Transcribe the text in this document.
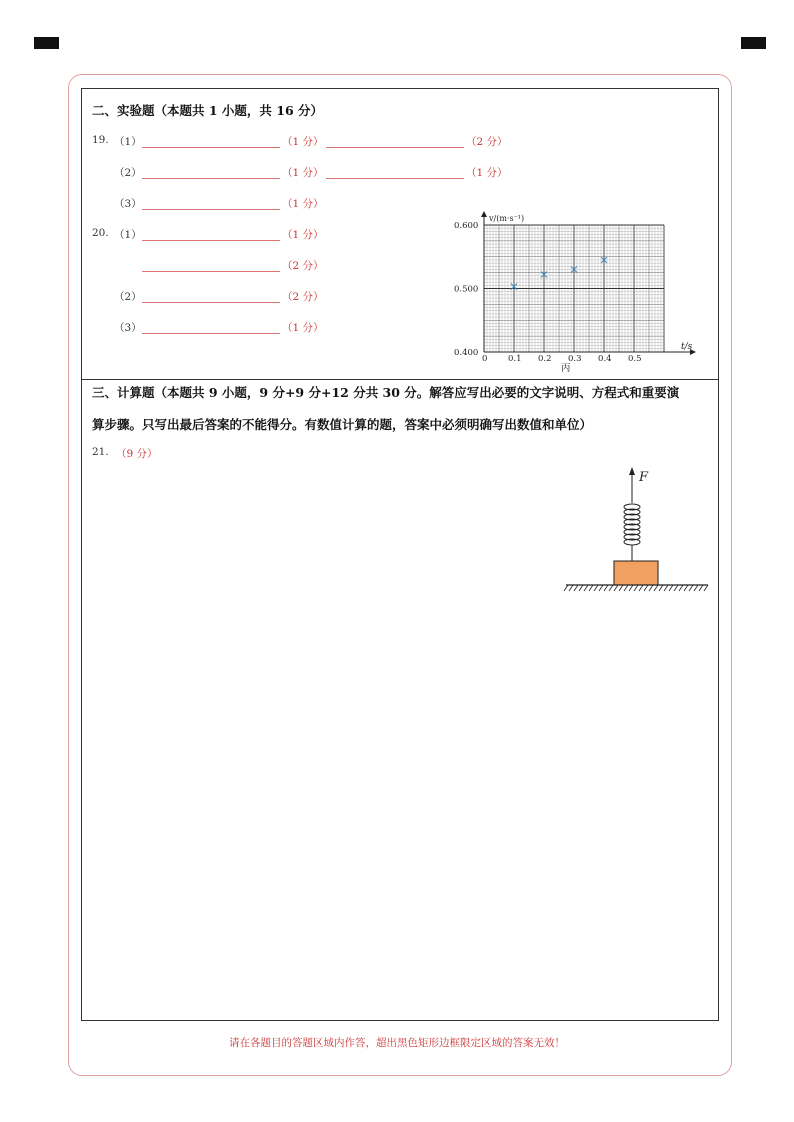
二、实验题（本题共 1 小题，共 16 分）
19. （1）	（1 分）	（2 分）
（2）	（1 分）	（1 分）
（3）	（1 分）
20. （1）	（1 分）
（2 分）
（2）	（2 分）
（3）	（1 分）
0.1 0.2 0.3 0.4 0.5
0.400
0.500
0.600
v/(m·s⁻¹)
t/s
0
丙
三、计算题（本题共 9 小题，9 分+9 分+12 分共 30 分。解答应写出必要的文字说明、方程式和重要演
算步骤。只写出最后答案的不能得分。有数值计算的题，答案中必须明确写出数值和单位）
21. （9 分）
F
请在各题目的答题区域内作答，超出黑色矩形边框限定区域的答案无效！
